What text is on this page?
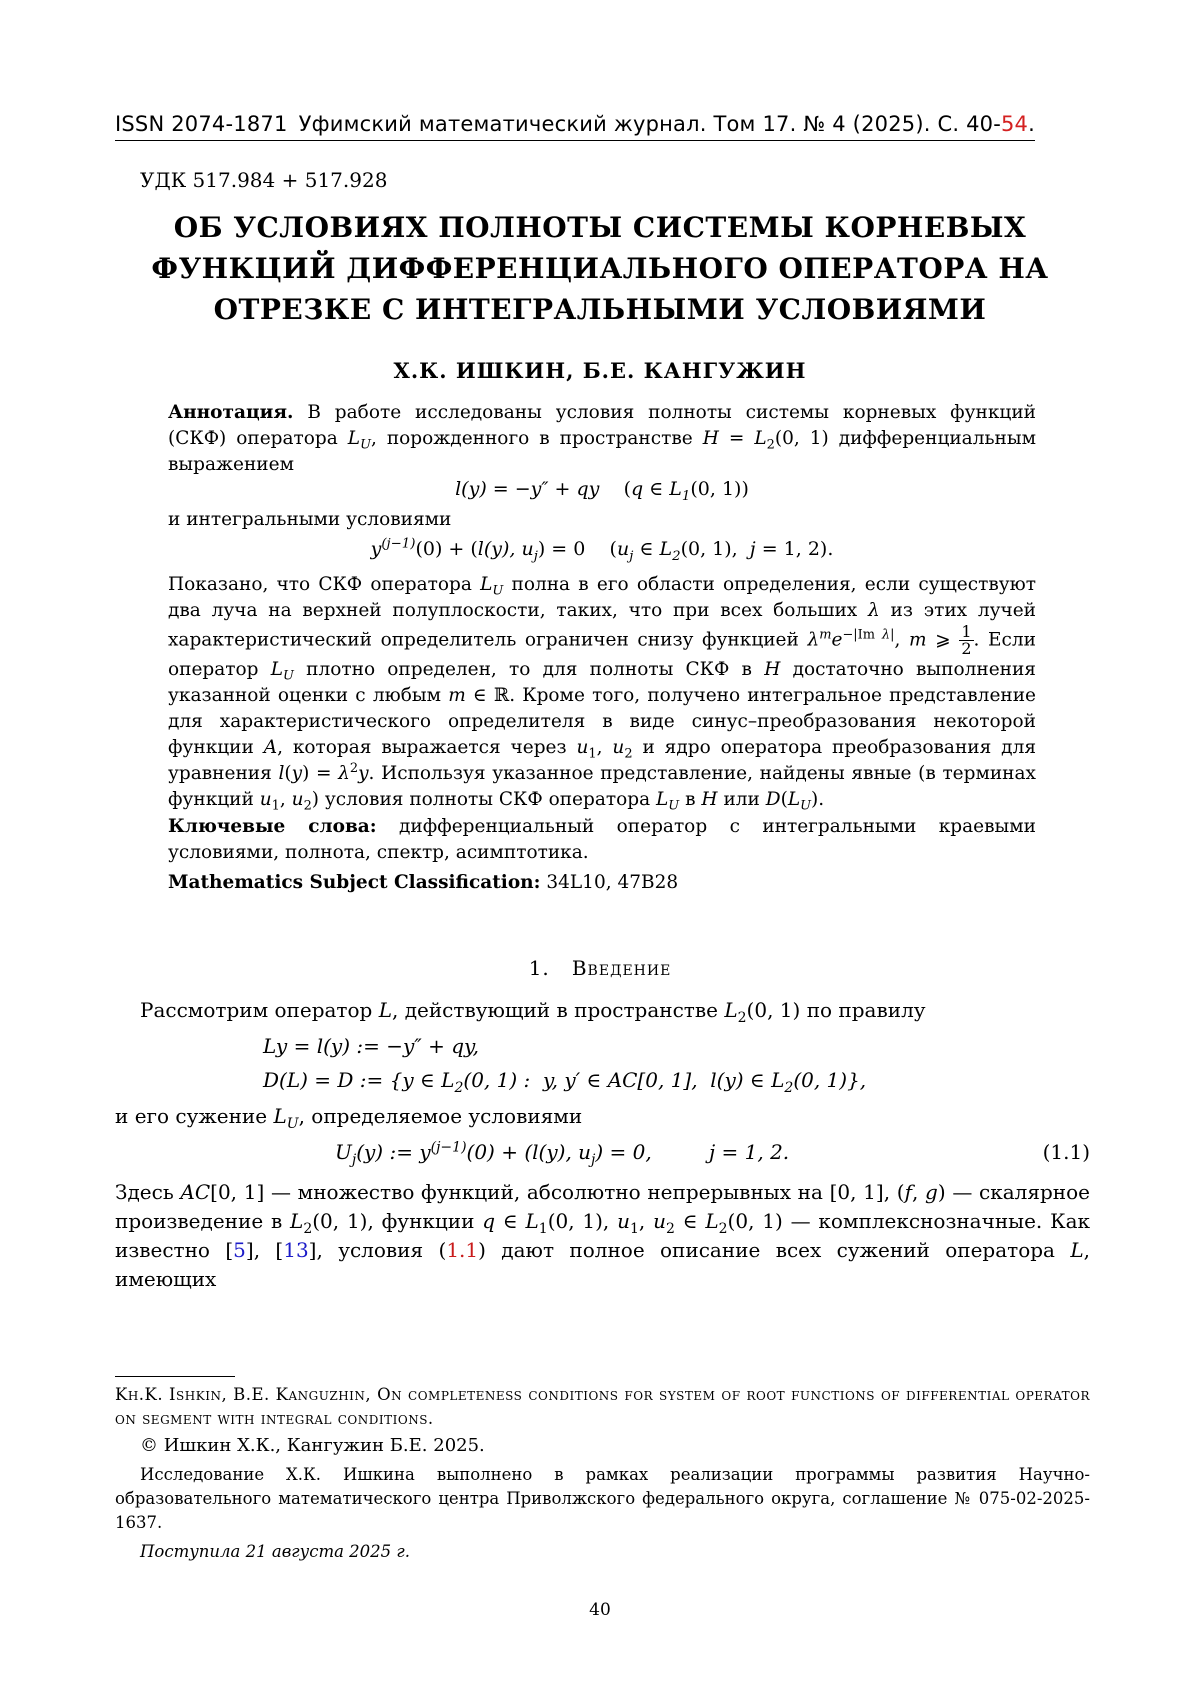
ISSN 2074-1871 Уфимский математический журнал. Том 17. № 4 (2025). С. 40-54.
УДК 517.984 + 517.928
ОБ УСЛОВИЯХ ПОЛНОТЫ СИСТЕМЫ КОРНЕВЫХ
ФУНКЦИЙ ДИФФЕРЕНЦИАЛЬНОГО ОПЕРАТОРА НА
ОТРЕЗКЕ С ИНТЕГРАЛЬНЫМИ УСЛОВИЯМИ
Х.К. ИШКИН, Б.Е. КАНГУЖИН
Аннотация. В работе исследованы условия полноты системы корневых функций (СКФ) оператора $L_U$, порожденного в пространстве $H = L_2(0$, 1) дифференциальным выражением
l(y) = −y″ + qy    (q ∈ $L_1(0$, 1))
и интегральными условиями
$y^{(j-1)}(0) + (l(y)$, $u_j) = 0$ ($u_j$ ∈ $L_2(0$, 1),  j = 1, 2).
Показано, что СКФ оператора $L_U$ полна в его области определения, если существуют два луча на верхней полуплоскости, таких, что при всех больших λ из этих лучей характеристический определитель ограничен снизу функцией $\lambda^me^{-|Im \lambda|}$, m ⩾ $\frac{1}{2}$ . Если оператор $L_U$ плотно определен, то для полноты СКФ в H достаточно выполнения указанной оценки с любым m ∈ ℝ. Кроме того, получено интегральное представление для характеристического определителя в виде синус–преобразования некоторой функции A, которая выражается через $u_1$, $u_2$ и ядро оператора преобразования для уравнения $l(y) = \lambda^2y$. Используя указанное представление, найдены явные (в терминах функций $u_1$, $u_2$) условия полноты СКФ оператора $L_U$ в H или $D(L_U)$.
Ключевые слова: дифференциальный оператор с интегральными краевыми условиями, полнота, спектр, асимптотика.
Mathematics Subject Classification: 34L10, 47B28
1. Введение
Рассмотрим оператор L, действующий в пространстве $L_2(0$, 1) по правилу
Ly = l(y) := −y″ + qy,
D(L) = D := {y ∈ $L_2(0$, 1) :  y, y′ ∈ AC[0, 1],  l(y) ∈ $L_2(0$, 1)},
и его сужение $L_U$, определяемое условиями
$U_j(y)$ := $y^{(j-1)}(0) + (l(y)$, $u_j) = 0$,         j = 1, 2.	(1.1)
Здесь AC[0, 1] — множество функций, абсолютно непрерывных на [0, 1], (f, g) — скалярное произведение в $L_2(0$, 1), функции q ∈ $L_1(0$, 1), $u_1$, $u_2$ ∈ $L_2(0$, 1) — комплекснозначные. Как известно [5], [13], условия (1.1) дают полное описание всех сужений оператора L, имеющих
Kh.K. Ishkin, B.E. Kanguzhin, On completeness conditions for system of root functions of differential operator on segment with integral conditions.
© Ишкин Х.К., Кангужин Б.Е. 2025.
Исследование Х.К. Ишкина выполнено в рамках реализации программы развития Научно-образовательного математического центра Приволжского федерального округа, соглашение № 075-02-2025-1637.
Поступила 21 августа 2025 г.
40
